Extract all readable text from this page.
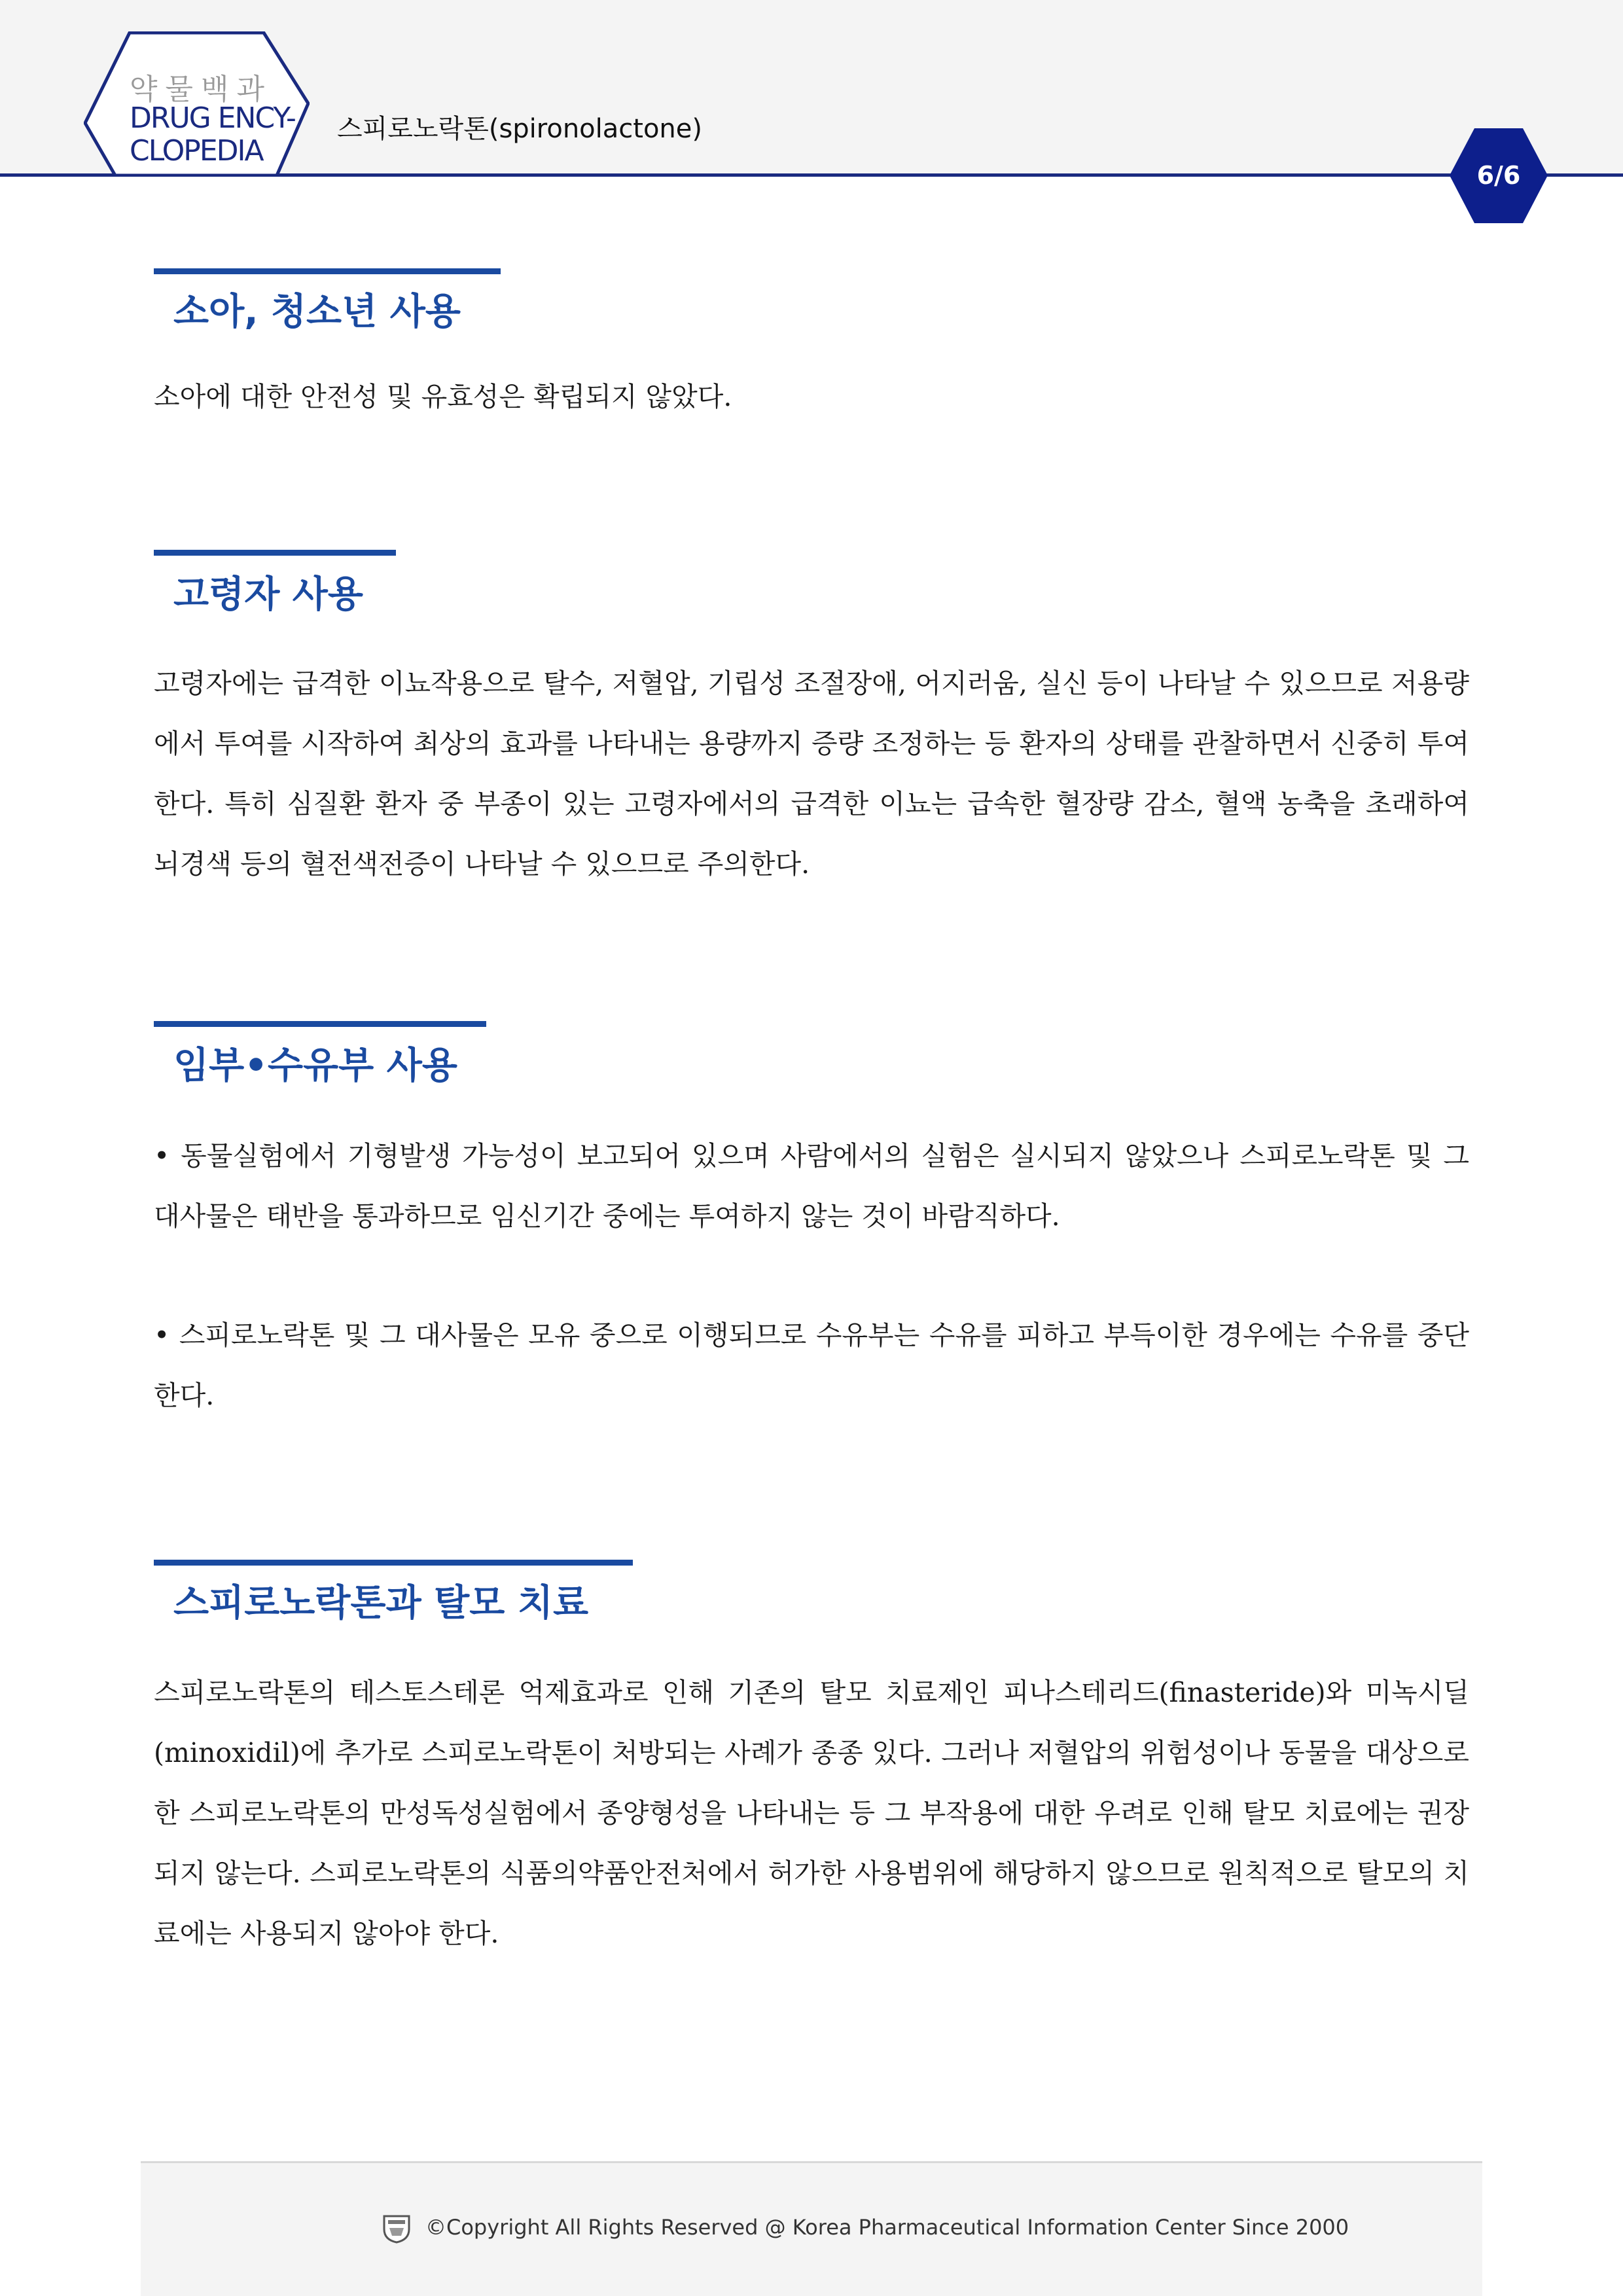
약물백과
DRUG ENCY-
CLOPEDIA
스피로노락톤(spironolactone)
6/6
소아, 청소년 사용
소아에 대한 안전성 및 유효성은 확립되지 않았다.
고령자 사용
고령자에는 급격한 이뇨작용으로 탈수, 저혈압, 기립성 조절장애, 어지러움, 실신 등이 나타날 수 있으므로 저용량에서 투여를 시작하여 최상의 효과를 나타내는 용량까지 증량 조정하는 등 환자의 상태를 관찰하면서 신중히 투여한다. 특히 심질환 환자 중 부종이 있는 고령자에서의 급격한 이뇨는 급속한 혈장량 감소, 혈액 농축을 초래하여 뇌경색 등의 혈전색전증이 나타날 수 있으므로 주의한다.
임부•수유부 사용
• 동물실험에서 기형발생 가능성이 보고되어 있으며 사람에서의 실험은 실시되지 않았으나 스피로노락톤 및 그 대사물은 태반을 통과하므로 임신기간 중에는 투여하지 않는 것이 바람직하다.
• 스피로노락톤 및 그 대사물은 모유 중으로 이행되므로 수유부는 수유를 피하고 부득이한 경우에는 수유를 중단한다.
스피로노락톤과 탈모 치료
스피로노락톤의 테스토스테론 억제효과로 인해 기존의 탈모 치료제인 피나스테리드(finasteride)와 미녹시딜(minoxidil)에 추가로 스피로노락톤이 처방되는 사례가 종종 있다. 그러나 저혈압의 위험성이나 동물을 대상으로 한 스피로노락톤의 만성독성실험에서 종양형성을 나타내는 등 그 부작용에 대한 우려로 인해 탈모 치료에는 권장되지 않는다. 스피로노락톤의 식품의약품안전처에서 허가한 사용범위에 해당하지 않으므로 원칙적으로 탈모의 치료에는 사용되지 않아야 한다.
©Copyright All Rights Reserved @ Korea Pharmaceutical Information Center Since 2000
